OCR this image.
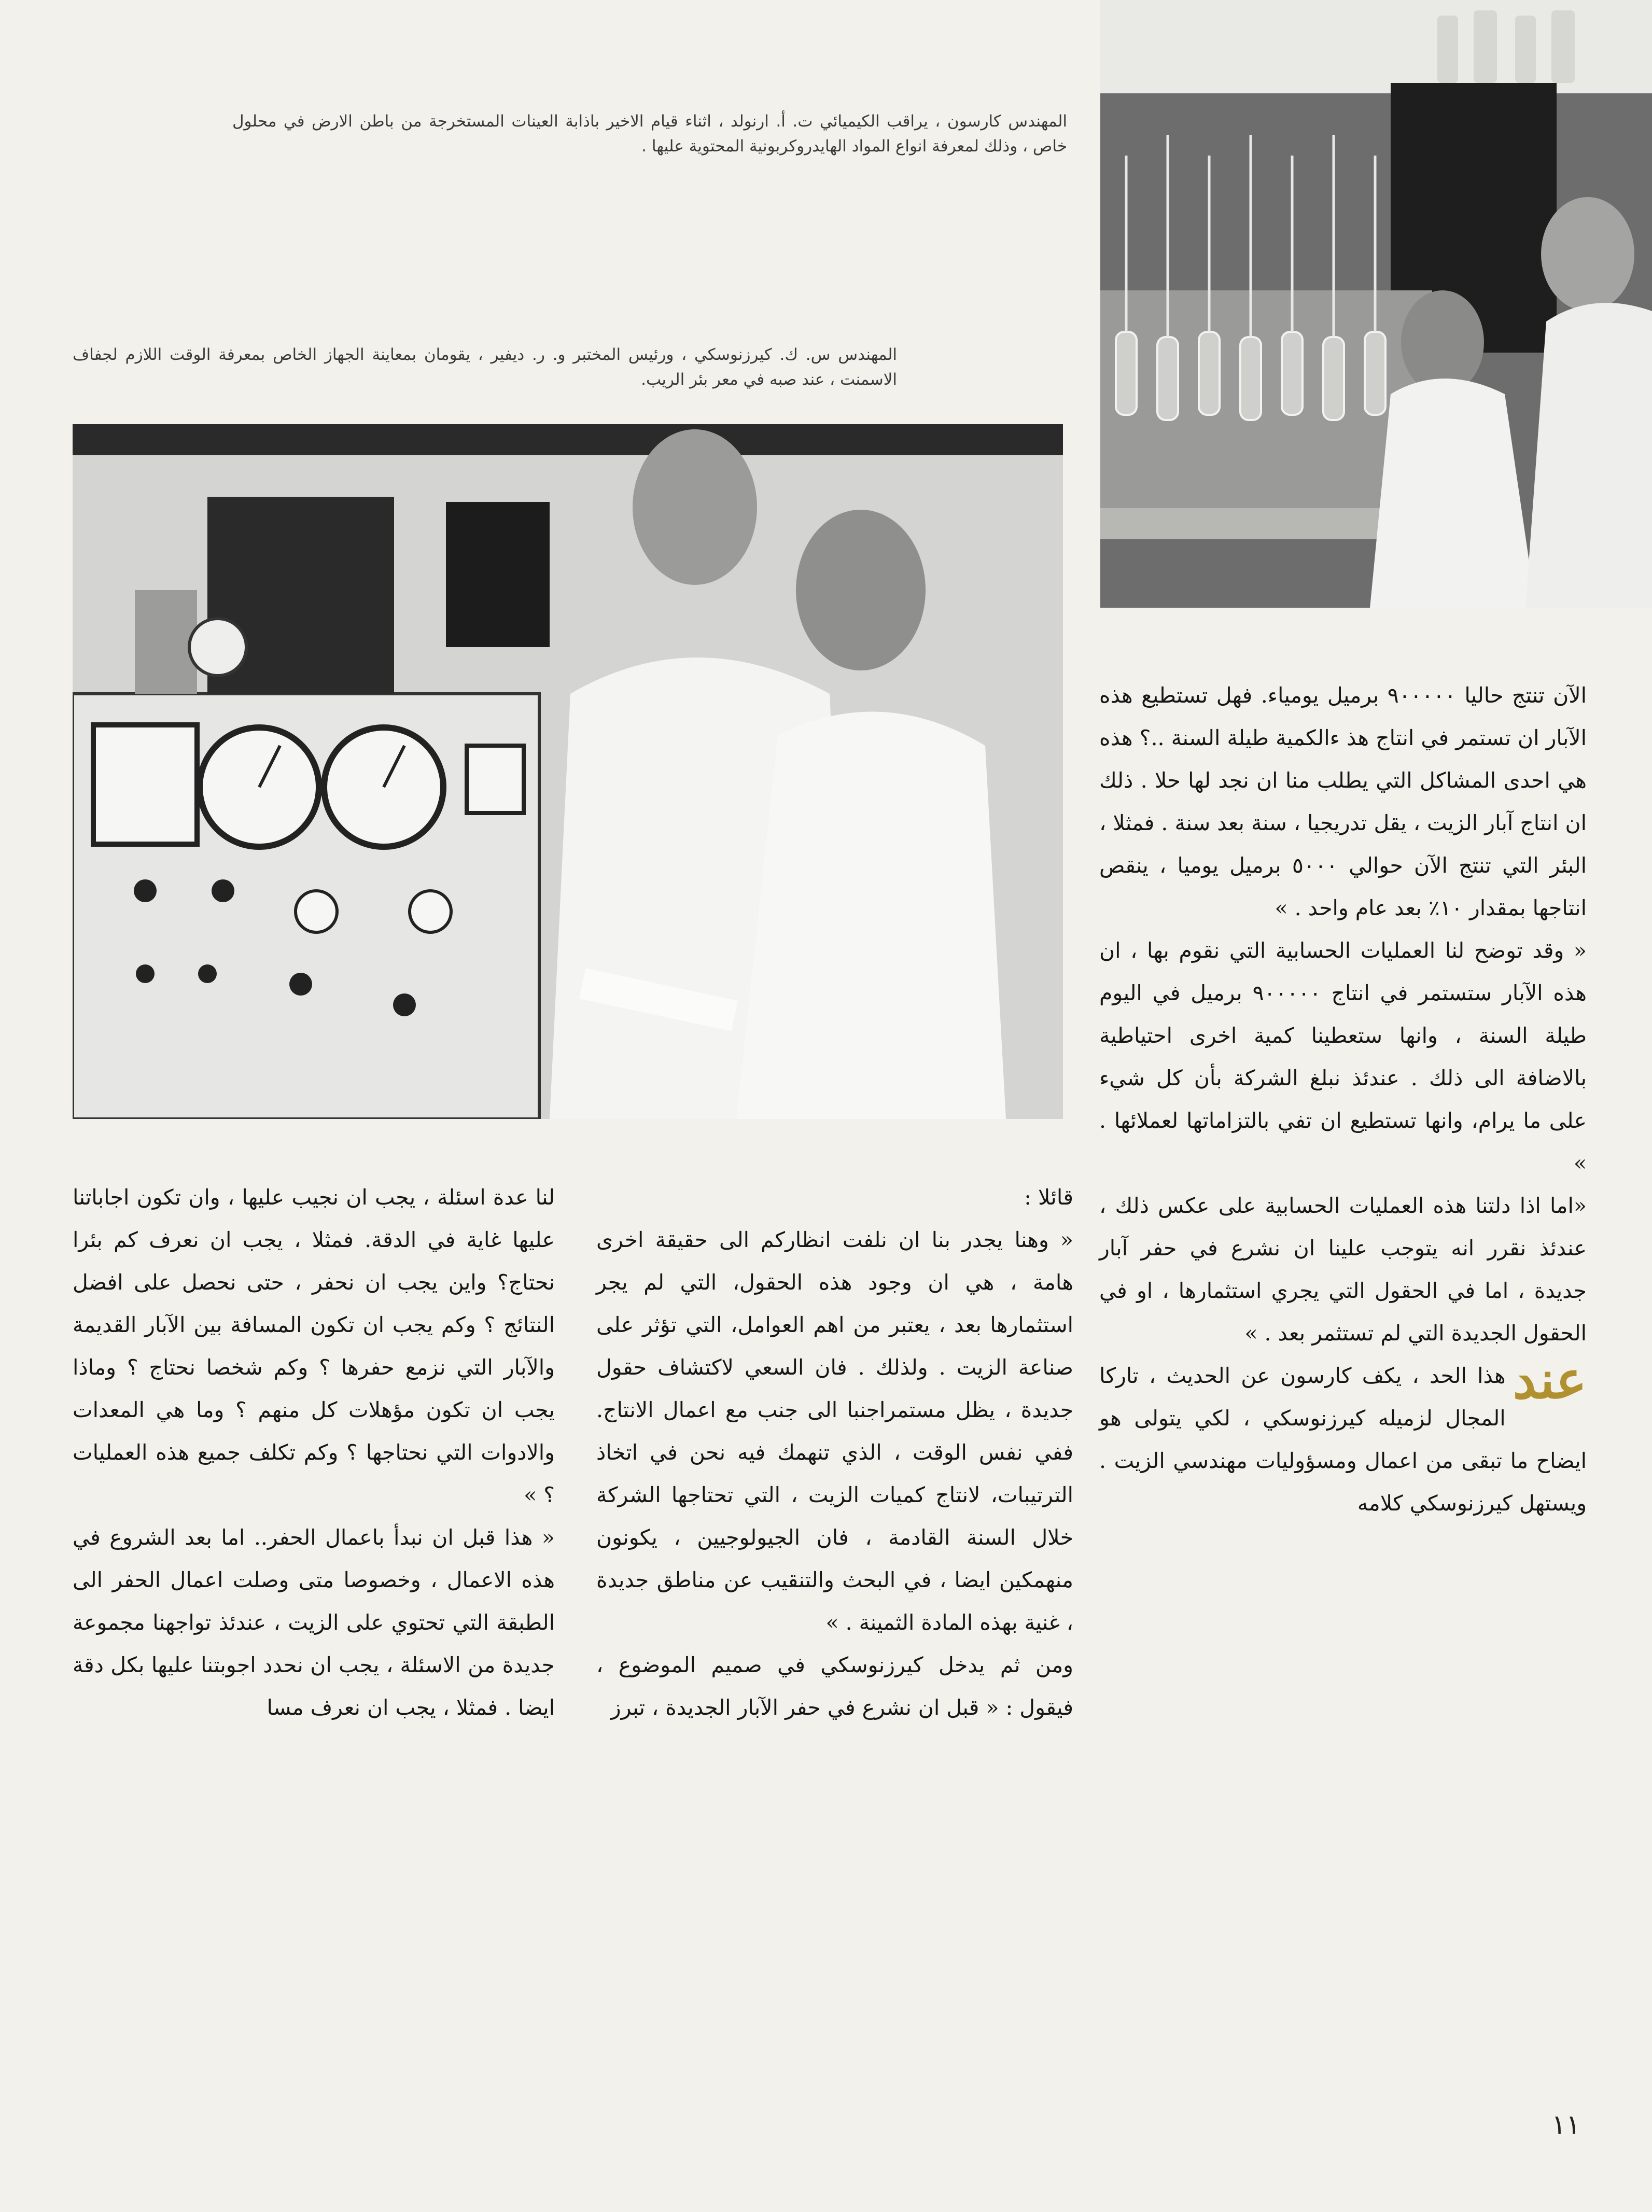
المهندس كارسون ، يراقب الكيميائي ت. أ. ارنولد ، اثناء قيام الاخير باذابة العينات المستخرجة من باطن الارض في محلول خاص ، وذلك لمعرفة انواع المواد الهايدروكربونية المحتوية عليها .
المهندس س. ك. كيرزنوسكي ، ورئيس المختبر و. ر. ديفير ، يقومان بمعاينة الجهاز الخاص بمعرفة الوقت اللازم لجفاف الاسمنت ، عند صبه في معر بئر الريب.

الآن تنتج حاليا ٩٠٠٠٠٠ برميل يومياء. فهل تستطيع هذه الآبار ان تستمر في انتاج هذ ءالكمية طيلة السنة ..؟ هذه هي احدى المشاكل التي يطلب منا ان نجد لها حلا . ذلك ان انتاج آبار الزيت ، يقل تدريجيا ، سنة بعد سنة . فمثلا ، البئر التي تنتج الآن حوالي ٥٠٠٠ برميل يوميا ، ينقص انتاجها بمقدار ١٠٪ بعد عام واحد . »

« وقد توضح لنا العمليات الحسابية التي نقوم بها ، ان هذه الآبار ستستمر في انتاج ٩٠٠٠٠٠ برميل في اليوم طيلة السنة ، وانها ستعطينا كمية اخرى احتياطية بالاضافة الى ذلك . عندئذ نبلغ الشركة بأن كل شيء على ما يرام، وانها تستطيع ان تفي بالتزاماتها لعملائها . »

«اما اذا دلتنا هذه العمليات الحسابية على عكس ذلك ، عندئذ نقرر انه يتوجب علينا ان نشرع في حفر آبار جديدة ، اما في الحقول التي يجري استثمارها ، او في الحقول الجديدة التي لم تستثمر بعد . »

عند
هذا الحد ، يكف كارسون عن الحديث ، تاركا المجال لزميله كيرزنوسكي ، لكي يتولى هو ايضاح ما تبقى من اعمال ومسؤوليات مهندسي الزيت . ويستهل كيرزنوسكي كلامه

قائلا :

« وهنا يجدر بنا ان نلفت انظاركم الى حقيقة اخرى هامة ، هي ان وجود هذه الحقول، التي لم يجر استثمارها بعد ، يعتبر من اهم العوامل، التي تؤثر على صناعة الزيت . ولذلك . فان السعي لاكتشاف حقول جديدة ، يظل مستمراجنبا الى جنب مع اعمال الانتاج. ففي نفس الوقت ، الذي تنهمك فيه نحن في اتخاذ الترتيبات، لانتاج كميات الزيت ، التي تحتاجها الشركة خلال السنة القادمة ، فان الجيولوجيين ، يكونون منهمكين ايضا ، في البحث والتنقيب عن مناطق جديدة ، غنية بهذه المادة الثمينة . »

ومن ثم يدخل كيرزنوسكي في صميم الموضوع ، فيقول : « قبل ان نشرع في حفر الآبار الجديدة ، تبرز

لنا عدة اسئلة ، يجب ان نجيب عليها ، وان تكون اجاباتنا عليها غاية في الدقة. فمثلا ، يجب ان نعرف كم بئرا نحتاج؟ واين يجب ان نحفر ، حتى نحصل على افضل النتائج ؟ وكم يجب ان تكون المسافة بين الآبار القديمة والآبار التي نزمع حفرها ؟ وكم شخصا نحتاج ؟ وماذا يجب ان تكون مؤهلات كل منهم ؟ وما هي المعدات والادوات التي نحتاجها ؟ وكم تكلف جميع هذه العمليات ؟ »

« هذا قبل ان نبدأ باعمال الحفر.. اما بعد الشروع في هذه الاعمال ، وخصوصا متى وصلت اعمال الحفر الى الطبقة التي تحتوي على الزيت ، عندئذ تواجهنا مجموعة جديدة من الاسئلة ، يجب ان نحدد اجوبتنا عليها بكل دقة ايضا . فمثلا ، يجب ان نعرف مسا

١١
